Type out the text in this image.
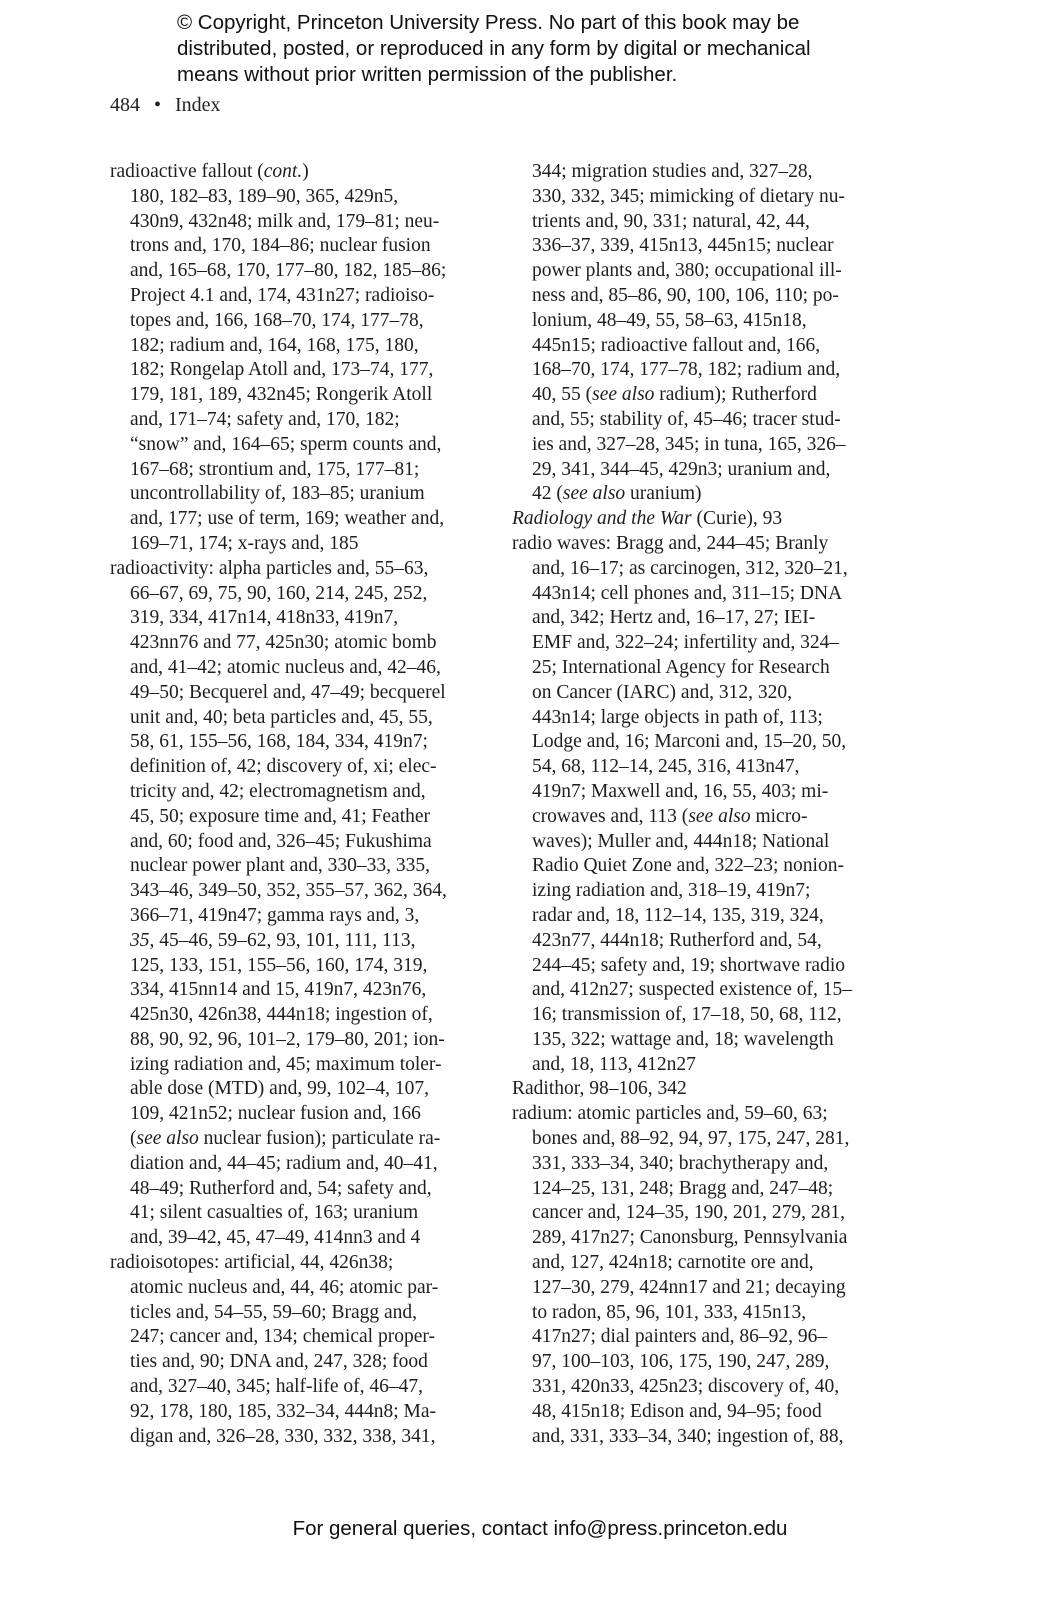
© Copyright, Princeton University Press. No part of this book may be
distributed, posted, or reproduced in any form by digital or mechanical
means without prior written permission of the publisher.
484 • Index
radioactive fallout (cont.)
180, 182–83, 189–90, 365, 429n5,
430n9, 432n48; milk and, 179–81; neu-
trons and, 170, 184–86; nuclear fusion
and, 165–68, 170, 177–80, 182, 185–86;
Project 4.1 and, 174, 431n27; radioiso-
topes and, 166, 168–70, 174, 177–78,
182; radium and, 164, 168, 175, 180,
182; Rongelap Atoll and, 173–74, 177,
179, 181, 189, 432n45; Rongerik Atoll
and, 171–74; safety and, 170, 182;
“snow” and, 164–65; sperm counts and,
167–68; strontium and, 175, 177–81;
uncontrollability of, 183–85; uranium
and, 177; use of term, 169; weather and,
169–71, 174; x-rays and, 185
radioactivity: alpha particles and, 55–63,
66–67, 69, 75, 90, 160, 214, 245, 252,
319, 334, 417n14, 418n33, 419n7,
423nn76 and 77, 425n30; atomic bomb
and, 41–42; atomic nucleus and, 42–46,
49–50; Becquerel and, 47–49; becquerel
unit and, 40; beta particles and, 45, 55,
58, 61, 155–56, 168, 184, 334, 419n7;
definition of, 42; discovery of, xi; elec-
tricity and, 42; electromagnetism and,
45, 50; exposure time and, 41; Feather
and, 60; food and, 326–45; Fukushima
nuclear power plant and, 330–33, 335,
343–46, 349–50, 352, 355–57, 362, 364,
366–71, 419n47; gamma rays and, 3,
35, 45–46, 59–62, 93, 101, 111, 113,
125, 133, 151, 155–56, 160, 174, 319,
334, 415nn14 and 15, 419n7, 423n76,
425n30, 426n38, 444n18; ingestion of,
88, 90, 92, 96, 101–2, 179–80, 201; ion-
izing radiation and, 45; maximum toler-
able dose (MTD) and, 99, 102–4, 107,
109, 421n52; nuclear fusion and, 166
(see also nuclear fusion); particulate ra-
diation and, 44–45; radium and, 40–41,
48–49; Rutherford and, 54; safety and,
41; silent casualties of, 163; uranium
and, 39–42, 45, 47–49, 414nn3 and 4
radioisotopes: artificial, 44, 426n38;
atomic nucleus and, 44, 46; atomic par-
ticles and, 54–55, 59–60; Bragg and,
247; cancer and, 134; chemical proper-
ties and, 90; DNA and, 247, 328; food
and, 327–40, 345; half-life of, 46–47,
92, 178, 180, 185, 332–34, 444n8; Ma-
digan and, 326–28, 330, 332, 338, 341,
344; migration studies and, 327–28,
330, 332, 345; mimicking of dietary nu-
trients and, 90, 331; natural, 42, 44,
336–37, 339, 415n13, 445n15; nuclear
power plants and, 380; occupational ill-
ness and, 85–86, 90, 100, 106, 110; po-
lonium, 48–49, 55, 58–63, 415n18,
445n15; radioactive fallout and, 166,
168–70, 174, 177–78, 182; radium and,
40, 55 (see also radium); Rutherford
and, 55; stability of, 45–46; tracer stud-
ies and, 327–28, 345; in tuna, 165, 326–
29, 341, 344–45, 429n3; uranium and,
42 (see also uranium)
Radiology and the War (Curie), 93
radio waves: Bragg and, 244–45; Branly
and, 16–17; as carcinogen, 312, 320–21,
443n14; cell phones and, 311–15; DNA
and, 342; Hertz and, 16–17, 27; IEI-
EMF and, 322–24; infertility and, 324–
25; International Agency for Research
on Cancer (IARC) and, 312, 320,
443n14; large objects in path of, 113;
Lodge and, 16; Marconi and, 15–20, 50,
54, 68, 112–14, 245, 316, 413n47,
419n7; Maxwell and, 16, 55, 403; mi-
crowaves and, 113 (see also micro-
waves); Muller and, 444n18; National
Radio Quiet Zone and, 322–23; nonion-
izing radiation and, 318–19, 419n7;
radar and, 18, 112–14, 135, 319, 324,
423n77, 444n18; Rutherford and, 54,
244–45; safety and, 19; shortwave radio
and, 412n27; suspected existence of, 15–
16; transmission of, 17–18, 50, 68, 112,
135, 322; wattage and, 18; wavelength
and, 18, 113, 412n27
Radithor, 98–106, 342
radium: atomic particles and, 59–60, 63;
bones and, 88–92, 94, 97, 175, 247, 281,
331, 333–34, 340; brachytherapy and,
124–25, 131, 248; Bragg and, 247–48;
cancer and, 124–35, 190, 201, 279, 281,
289, 417n27; Canonsburg, Pennsylvania
and, 127, 424n18; carnotite ore and,
127–30, 279, 424nn17 and 21; decaying
to radon, 85, 96, 101, 333, 415n13,
417n27; dial painters and, 86–92, 96–
97, 100–103, 106, 175, 190, 247, 289,
331, 420n33, 425n23; discovery of, 40,
48, 415n18; Edison and, 94–95; food
and, 331, 333–34, 340; ingestion of, 88,
For general queries, contact info@press.princeton.edu
